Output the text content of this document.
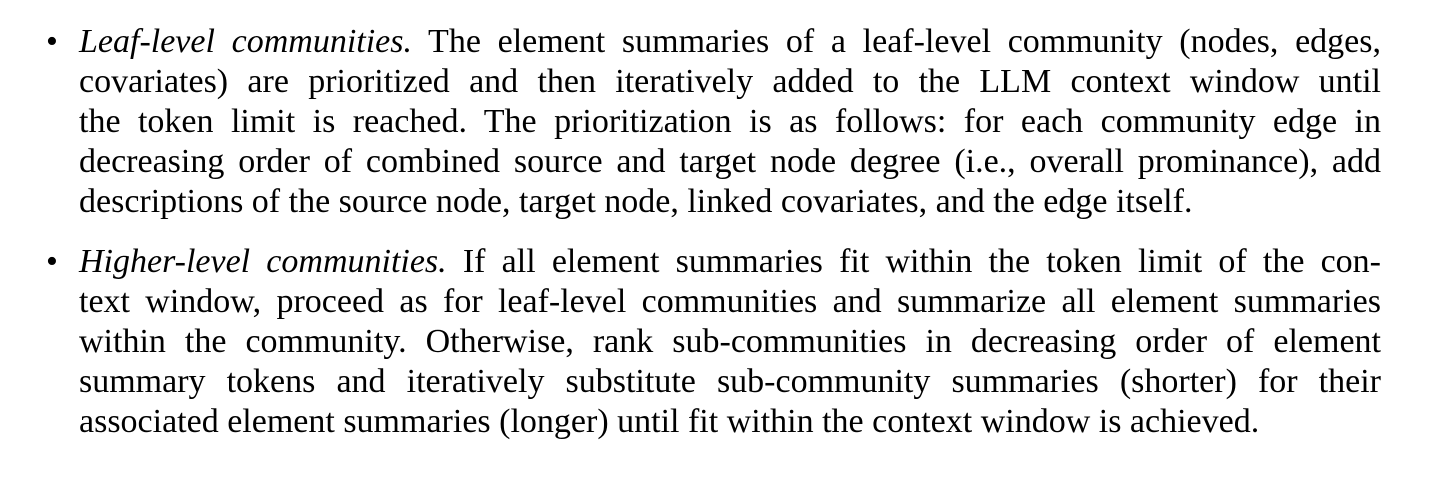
• Leaf-level communities. The element summaries of a leaf-level community (nodes, edges,
covariates) are prioritized and then iteratively added to the LLM context window until
the token limit is reached. The prioritization is as follows: for each community edge in
decreasing order of combined source and target node degree (i.e., overall prominance), add
descriptions of the source node, target node, linked covariates, and the edge itself.
• Higher-level communities. If all element summaries fit within the token limit of the con-
text window, proceed as for leaf-level communities and summarize all element summaries
within the community. Otherwise, rank sub-communities in decreasing order of element
summary tokens and iteratively substitute sub-community summaries (shorter) for their
associated element summaries (longer) until fit within the context window is achieved.
